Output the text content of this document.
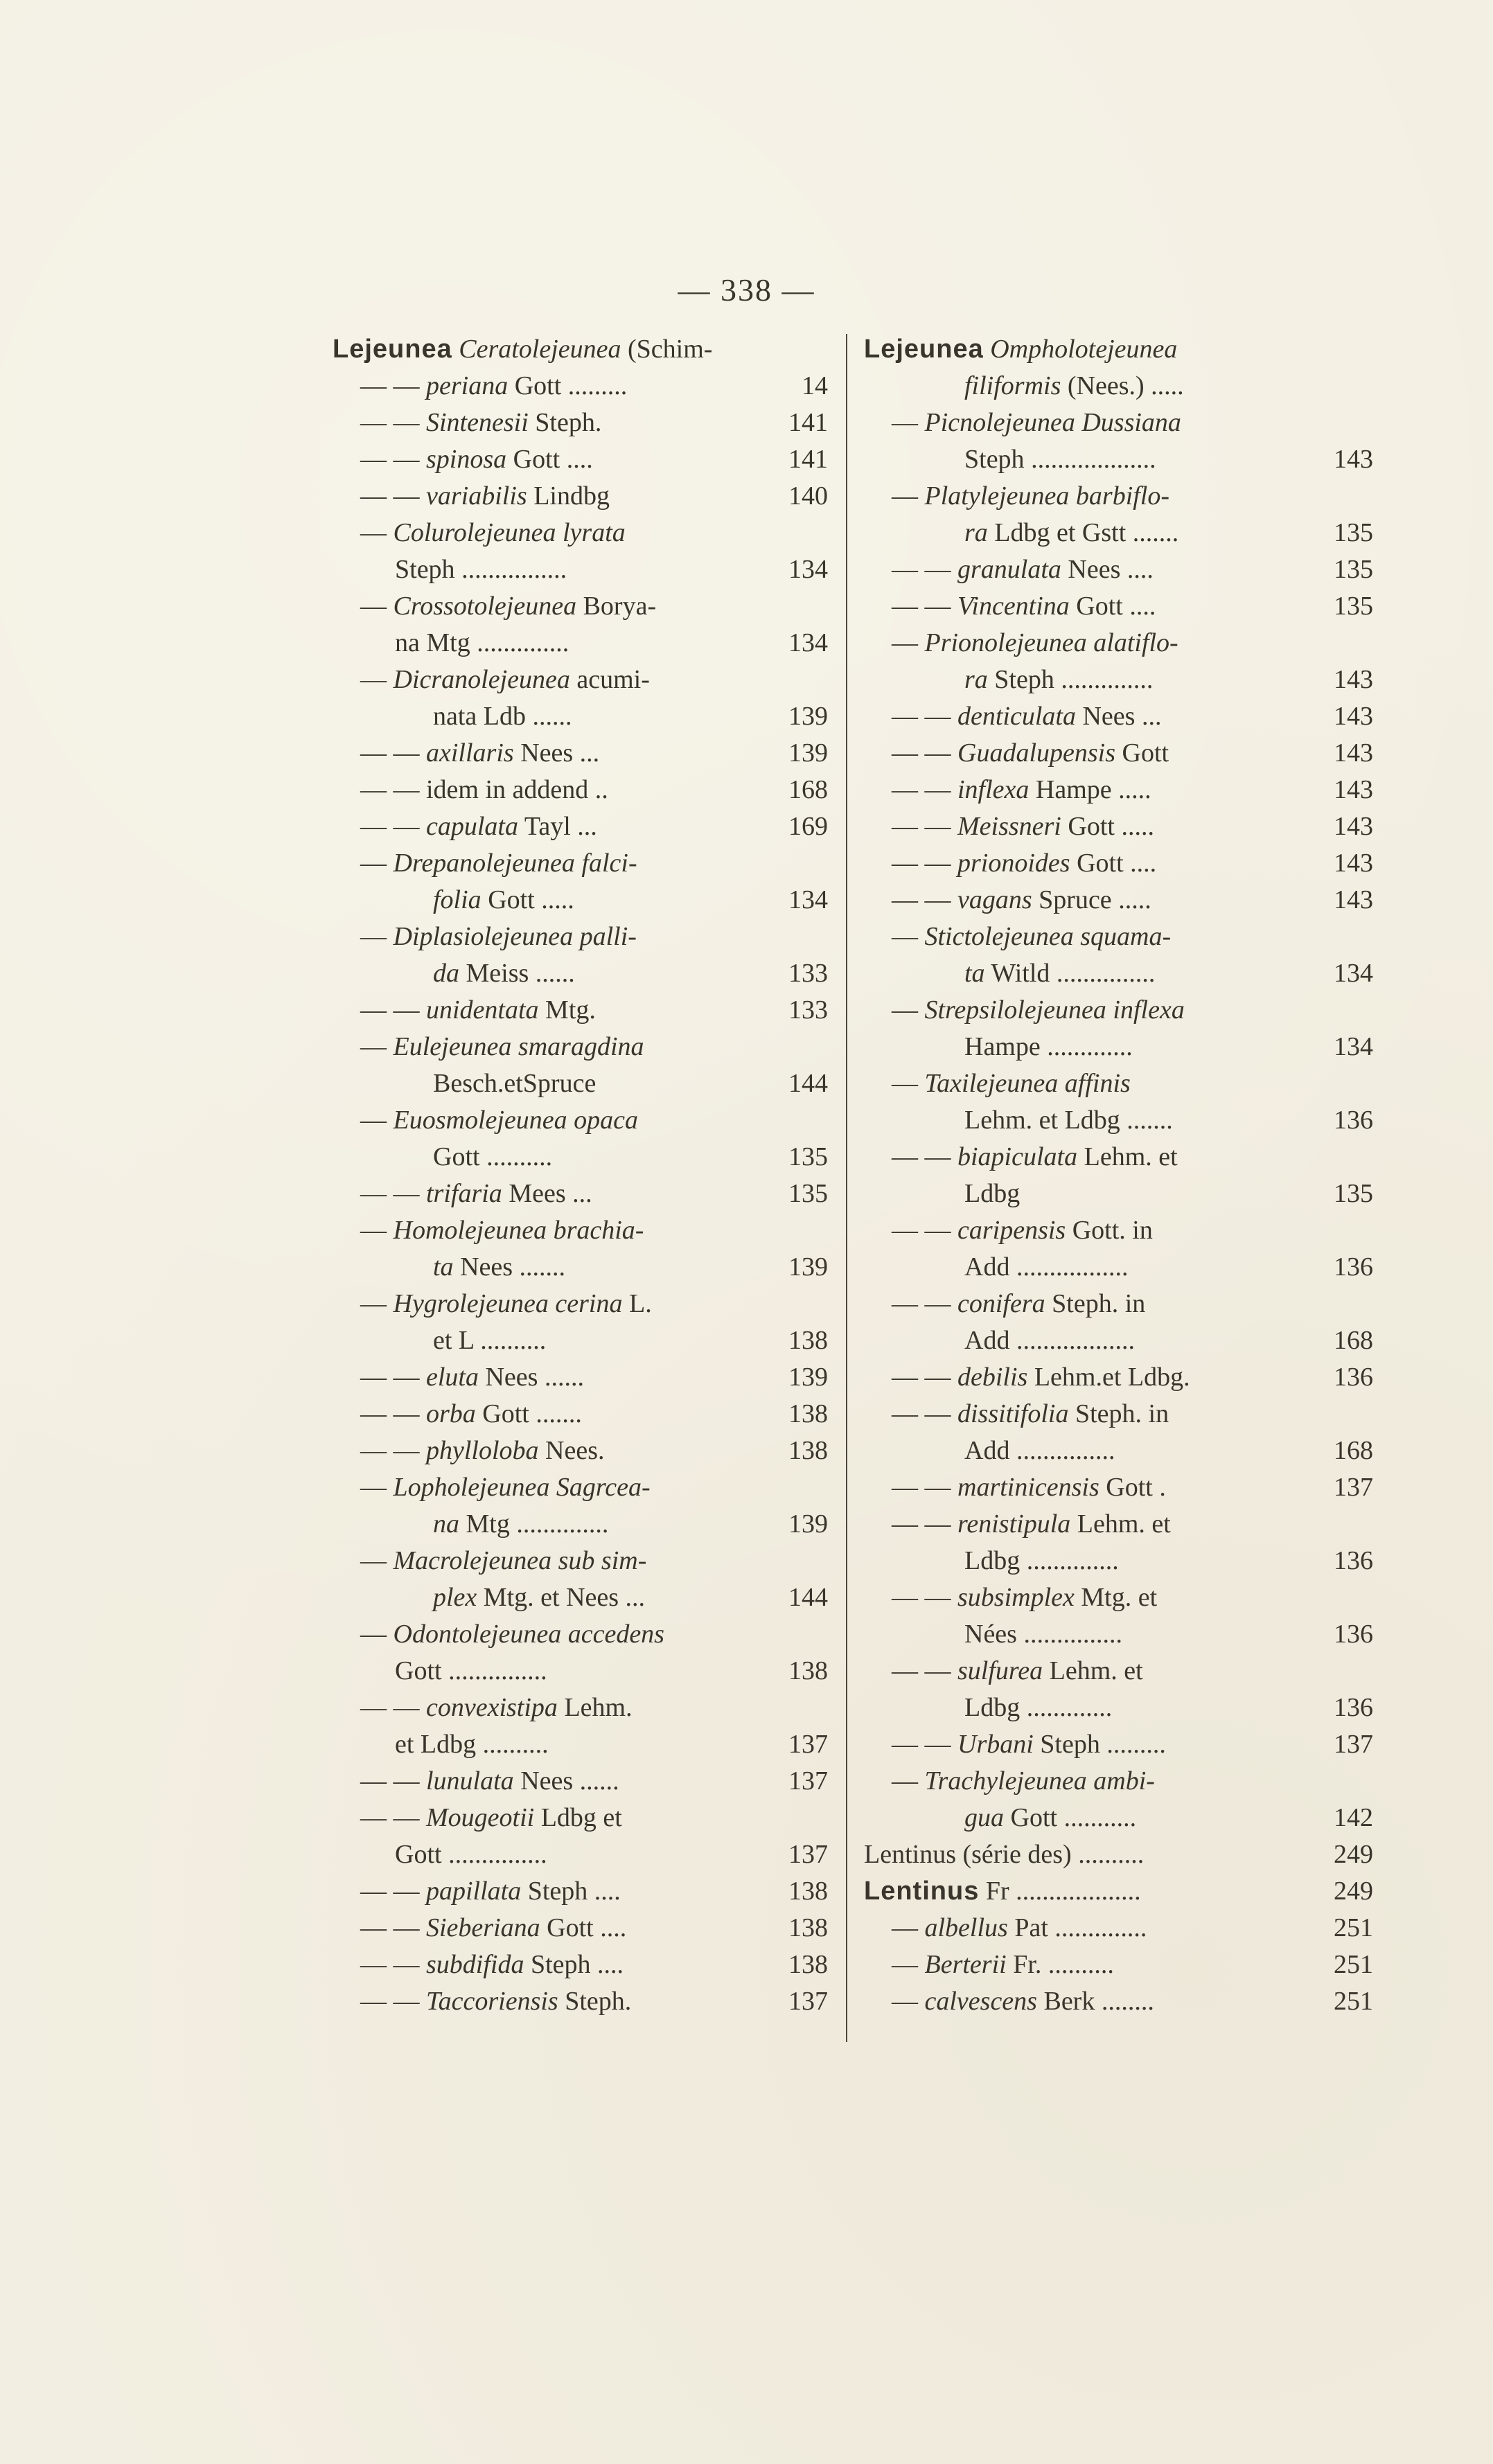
— 338 —
Lejeunea Ceratolejeunea (Schim-
— — periana Gott .........	14
— — Sintenesii Steph.	141
— — spinosa Gott ....	141
— — variabilis Lindbg	140
— Colurolejeunea lyrata
Steph ................	134
— Crossotolejeunea Borya-
na Mtg ..............	134
— Dicranolejeunea acumi-
nata Ldb ......	139
— — axillaris Nees ...	139
— — idem in addend ..	168
— — capulata Tayl ...	169
— Drepanolejeunea falci-
folia Gott .....	134
— Diplasiolejeunea palli-
da Meiss ......	133
— — unidentata Mtg.	133
— Eulejeunea smaragdina
Besch.etSpruce	144
— Euosmolejeunea opaca
Gott ..........	135
— — trifaria Mees ...	135
— Homolejeunea brachia-
ta Nees .......	139
— Hygrolejeunea cerina L.
et L ..........	138
— — eluta Nees ......	139
— — orba Gott .......	138
— — phylloloba Nees.	138
— Lopholejeunea Sagrcea-
na Mtg ..............	139
— Macrolejeunea sub sim-
plex Mtg. et Nees ...	144
— Odontolejeunea accedens
Gott ...............	138
— — convexistipa Lehm.
et Ldbg ..........	137
— — lunulata Nees ......	137
— — Mougeotii Ldbg et
Gott ...............	137
— — papillata Steph ....	138
— — Sieberiana Gott ....	138
— — subdifida Steph ....	138
— — Taccoriensis Steph.	137
Lejeunea Ompholotejeunea
filiformis (Nees.) .....
— Picnolejeunea Dussiana
Steph ...................	143
— Platylejeunea barbiflo-
ra Ldbg et Gstt .......	135
— — granulata Nees ....	135
— — Vincentina Gott ....	135
— Prionolejeunea alatiflo-
ra Steph ..............	143
— — denticulata Nees ...	143
— — Guadalupensis Gott	143
— — inflexa Hampe .....	143
— — Meissneri Gott .....	143
— — prionoides Gott ....	143
— — vagans Spruce .....	143
— Stictolejeunea squama-
ta Witld ...............	134
— Strepsilolejeunea inflexa
Hampe .............	134
— Taxilejeunea affinis
Lehm. et Ldbg .......	136
— — biapiculata Lehm. et
Ldbg	135
— — caripensis Gott. in
Add .................	136
— — conifera Steph. in
Add ..................	168
— — debilis Lehm.et Ldbg.	136
— — dissitifolia Steph. in
Add ...............	168
— — martinicensis Gott .	137
— — renistipula Lehm. et
Ldbg ..............	136
— — subsimplex Mtg. et
Nées ...............	136
— — sulfurea Lehm. et
Ldbg .............	136
— — Urbani Steph .........	137
— Trachylejeunea ambi-
gua Gott ...........	142
Lentinus (série des) ..........	249
Lentinus Fr ...................	249
— albellus Pat ..............	251
— Berterii Fr. ..........	251
— calvescens Berk ........	251
